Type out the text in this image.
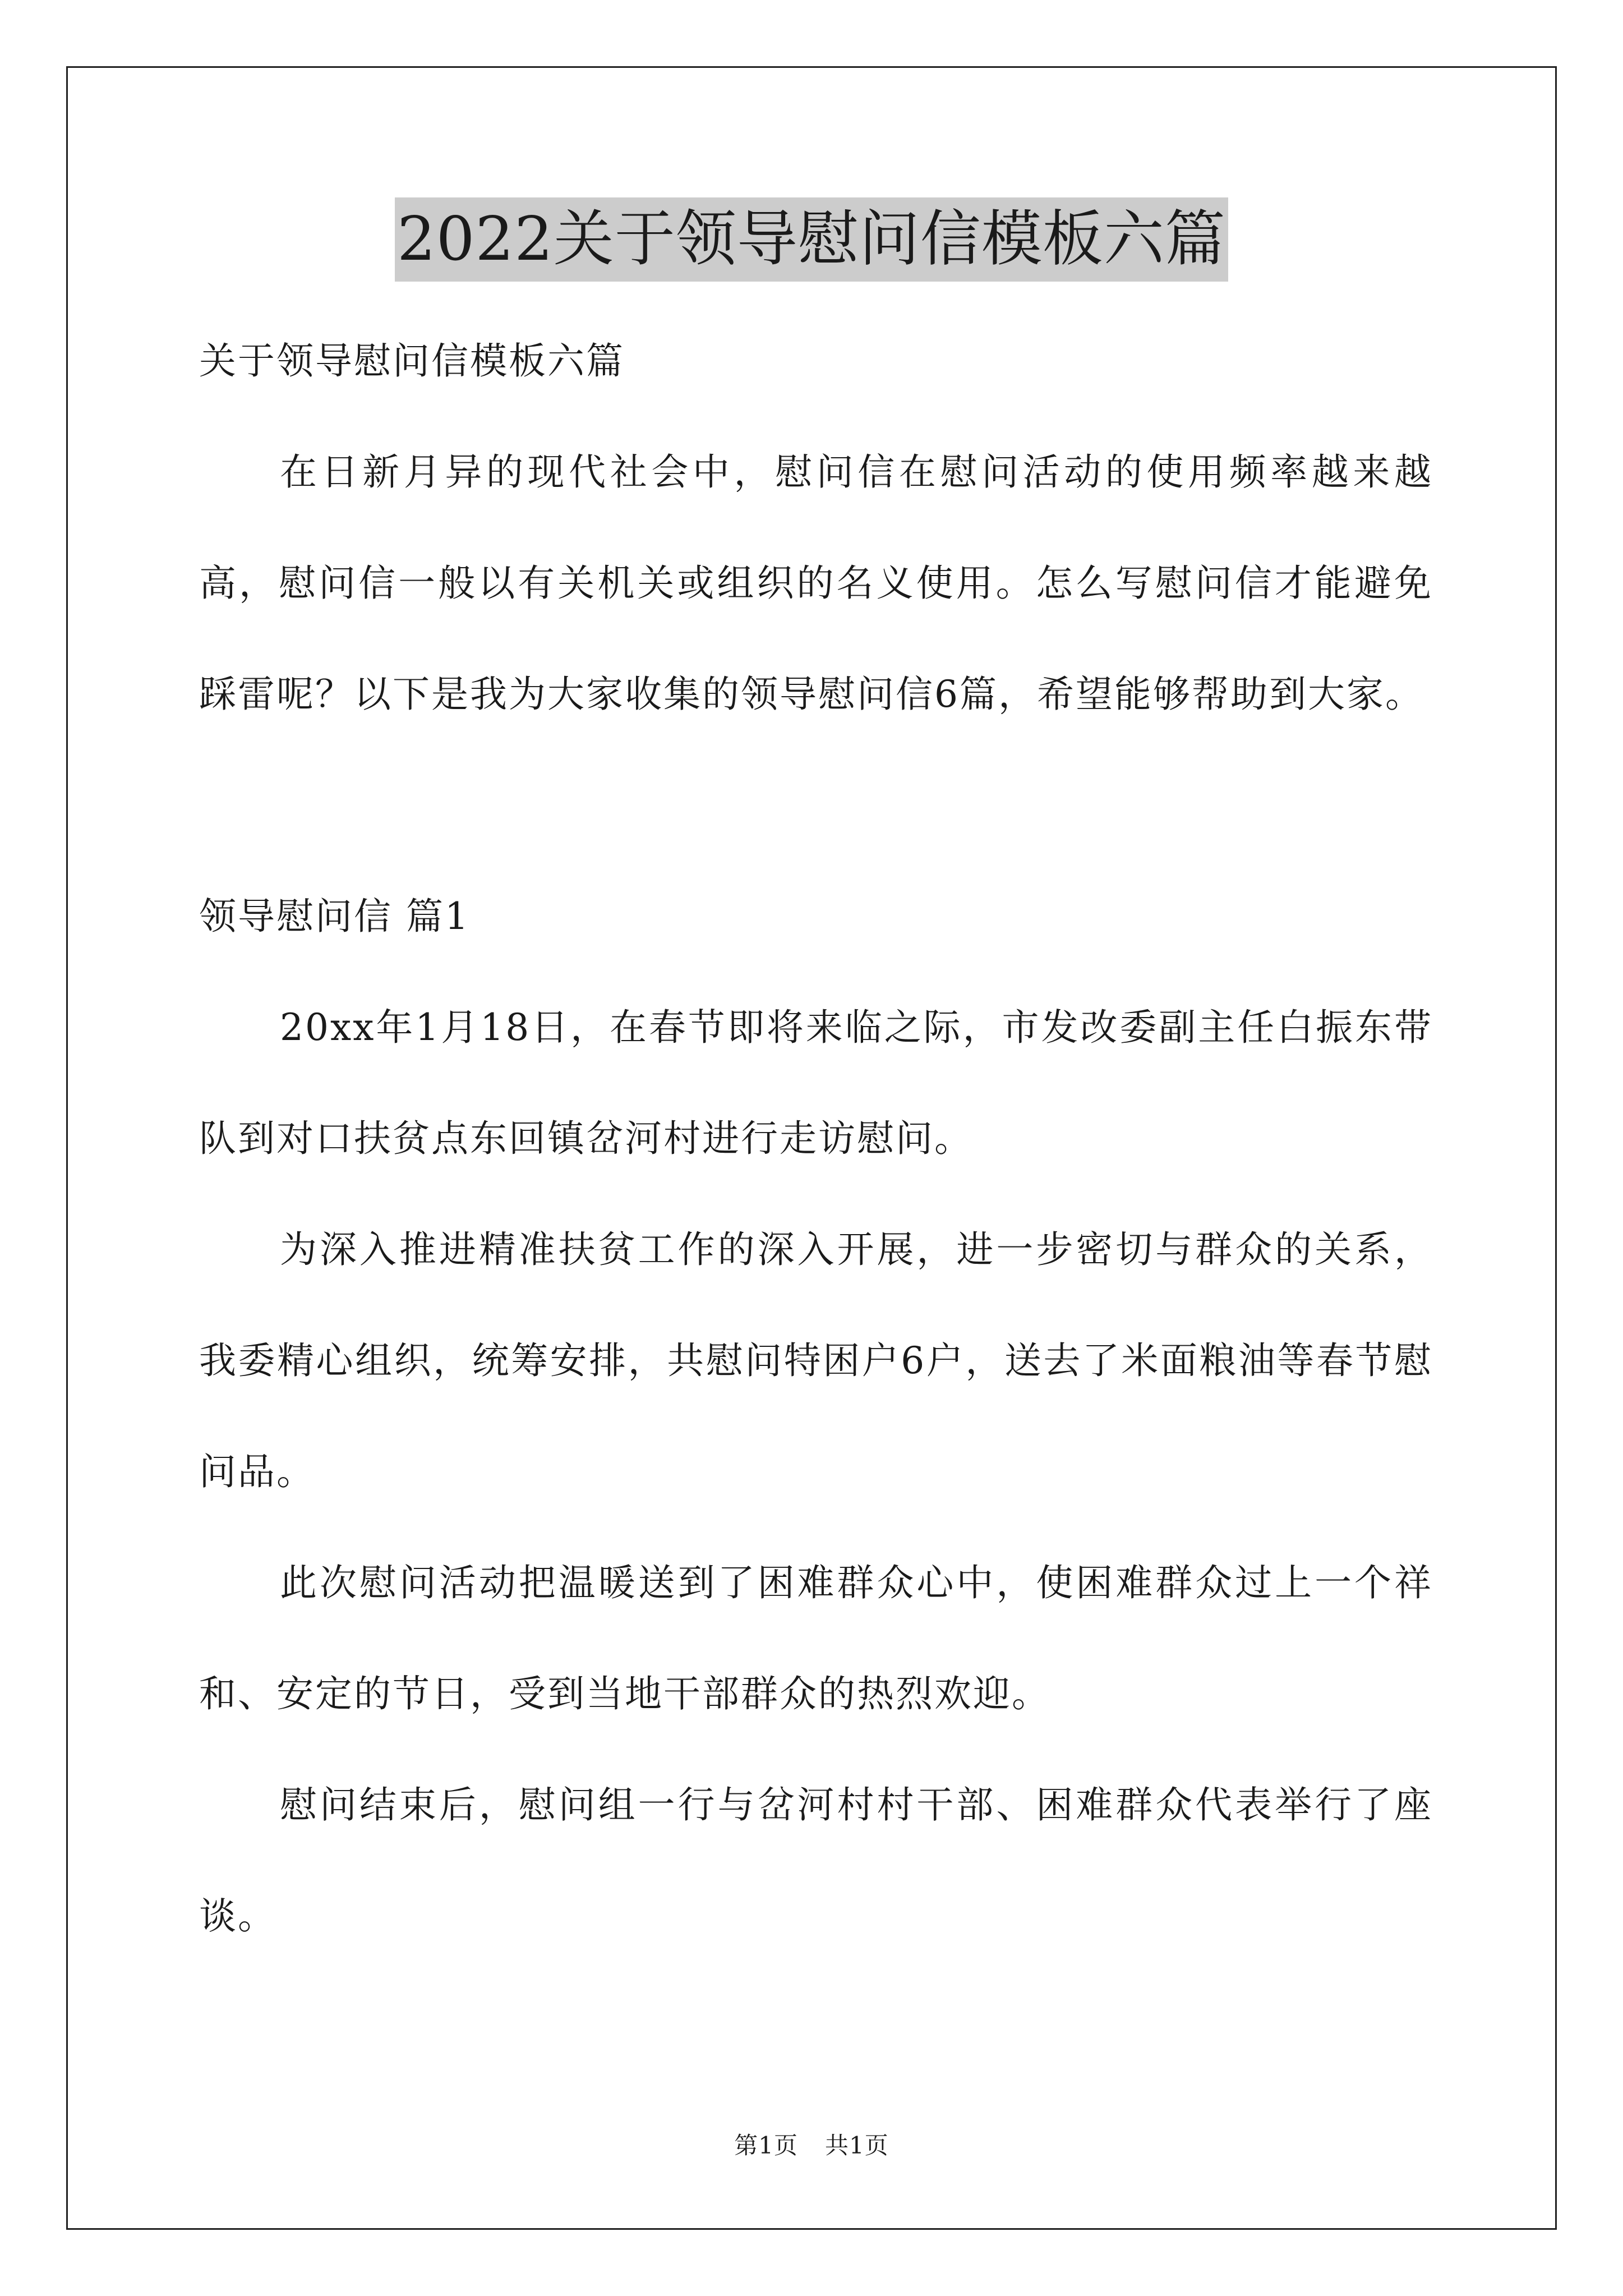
2022关于领导慰问信模板六篇

关于领导慰问信模板六篇

在日新月异的现代社会中，慰问信在慰问活动的使用频率越来越高，慰问信一般以有关机关或组织的名义使用。怎么写慰问信才能避免踩雷呢？以下是我为大家收集的领导慰问信6篇，希望能够帮助到大家。

领导慰问信 篇1

20xx年1月18日，在春节即将来临之际，市发改委副主任白振东带队到对口扶贫点东回镇岔河村进行走访慰问。

为深入推进精准扶贫工作的深入开展，进一步密切与群众的关系，我委精心组织，统筹安排，共慰问特困户6户，送去了米面粮油等春节慰问品。

此次慰问活动把温暖送到了困难群众心中，使困难群众过上一个祥和、安定的节日，受到当地干部群众的热烈欢迎。

慰问结束后，慰问组一行与岔河村村干部、困难群众代表举行了座谈。

第1页 共1页
